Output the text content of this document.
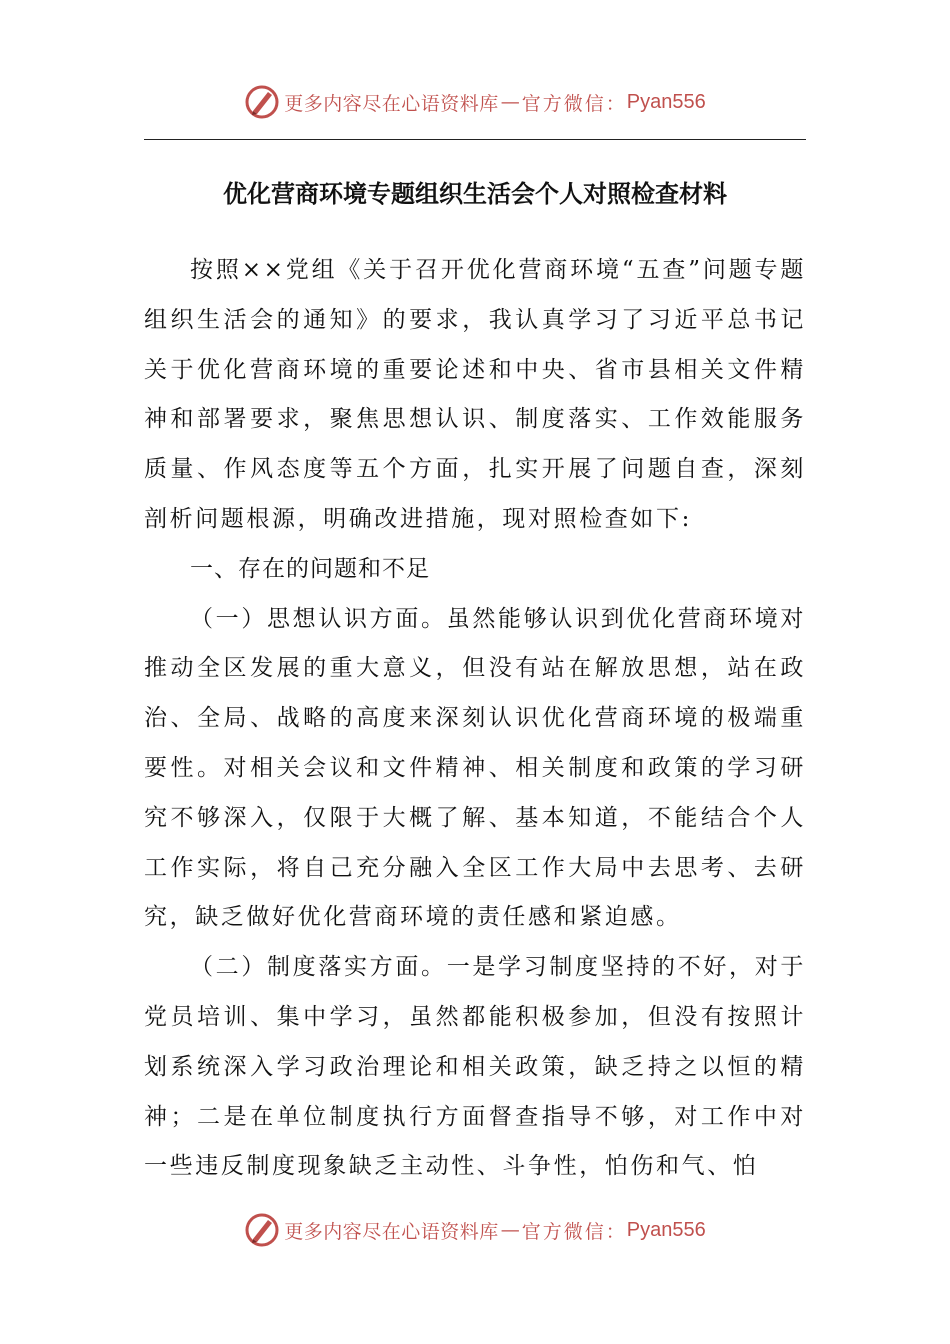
更多内容尽在心语资料库 — 官方微信： Pyan556
优化营商环境专题组织生活会个人对照检查材料

按照××党组《关于召开优化营商环境“五查”问题专题组织生活会的通知》的要求，我认真学习了习近平总书记关于优化营商环境的重要论述和中央、省市县相关文件精神和部署要求，聚焦思想认识、制度落实、工作效能服务质量、作风态度等五个方面，扎实开展了问题自查，深刻剖析问题根源，明确改进措施，现对照检查如下:

一、存在的问题和不足

（一）思想认识方面。虽然能够认识到优化营商环境对推动全区发展的重大意义，但没有站在解放思想，站在政治、全局、战略的高度来深刻认识优化营商环境的极端重要性。对相关会议和文件精神、相关制度和政策的学习研究不够深入，仅限于大概了解、基本知道，不能结合个人工作实际，将自己充分融入全区工作大局中去思考、去研究，缺乏做好优化营商环境的责任感和紧迫感。

（二）制度落实方面。一是学习制度坚持的不好，对于党员培训、集中学习，虽然都能积极参加，但没有按照计划系统深入学习政治理论和相关政策，缺乏持之以恒的精神；二是在单位制度执行方面督查指导不够，对工作中对一些违反制度现象缺乏主动性、斗争性，怕伤和气、怕

更多内容尽在心语资料库 — 官方微信： Pyan556
